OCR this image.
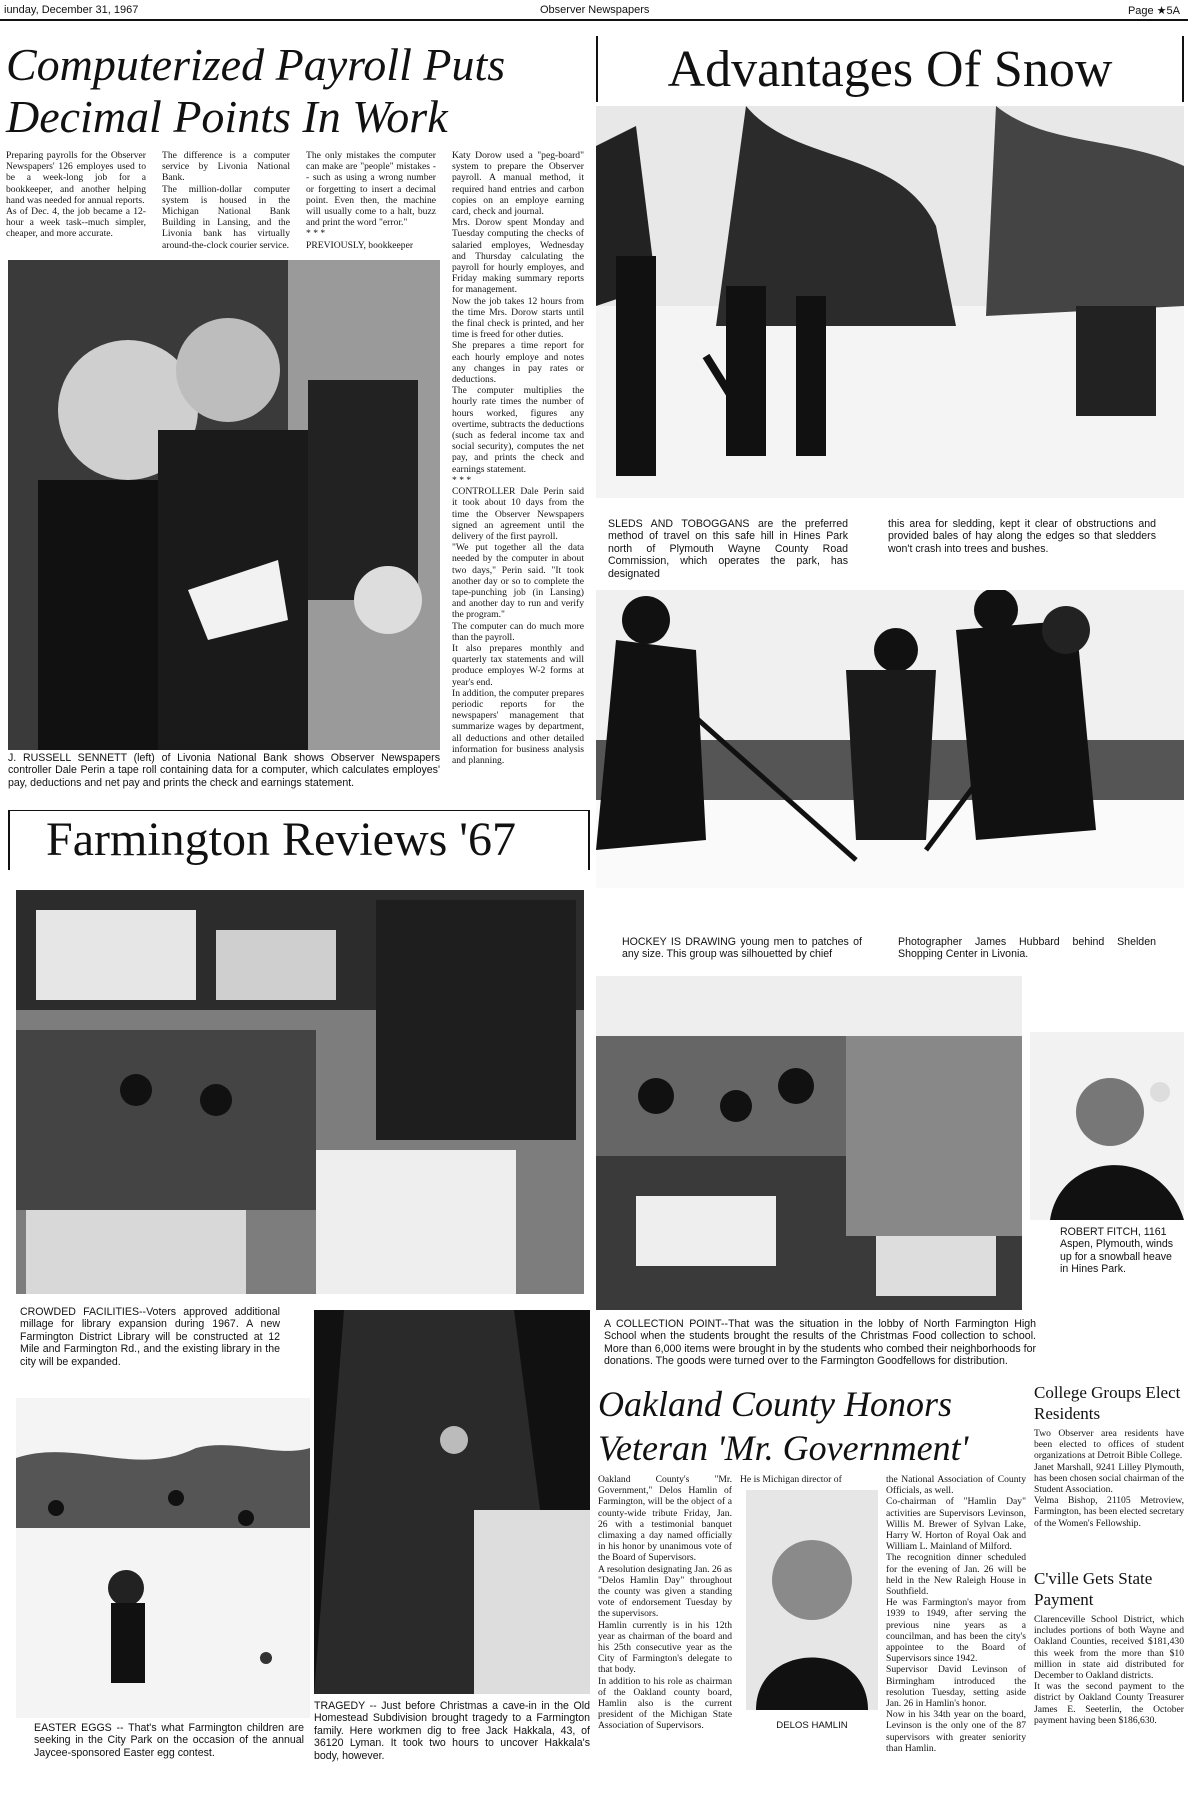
iunday, December 31, 1967	Observer Newspapers	Page ★5A
Computerized Payroll Puts
Decimal Points In Work
Preparing payrolls for the Observer Newspapers' 126 employes used to be a week-long job for a bookkeeper, and another helping hand was needed for annual reports.
As of Dec. 4, the job became a 12-hour a week task--much simpler, cheaper, and more accurate.
The difference is a computer service by Livonia National Bank.
The million-dollar computer system is housed in the Michigan National Bank Building in Lansing, and the Livonia bank has virtually around-the-clock courier service.
The only mistakes the computer can make are "people" mistakes -- such as using a wrong number or forgetting to insert a decimal point. Even then, the machine will usually come to a halt, buzz and print the word "error."
* * *
PREVIOUSLY, bookkeeper
Katy Dorow used a "peg-board" system to prepare the Observer payroll. A manual method, it required hand entries and carbon copies on an employe earning card, check and journal.
Mrs. Dorow spent Monday and Tuesday computing the checks of salaried employes, Wednesday and Thursday calculating the payroll for hourly employes, and Friday making summary reports for management.
Now the job takes 12 hours from the time Mrs. Dorow starts until the final check is printed, and her time is freed for other duties.
She prepares a time report for each hourly employe and notes any changes in pay rates or deductions.
The computer multiplies the hourly rate times the number of hours worked, figures any overtime, subtracts the deductions (such as federal income tax and social security), computes the net pay, and prints the check and earnings statement.
* * *
CONTROLLER Dale Perin said it took about 10 days from the time the Observer Newspapers signed an agreement until the delivery of the first payroll.
"We put together all the data needed by the computer in about two days," Perin said. "It took another day or so to complete the tape-punching job (in Lansing) and another day to run and verify the program."
The computer can do much more than the payroll.
It also prepares monthly and quarterly tax statements and will produce employes W-2 forms at year's end.
In addition, the computer prepares periodic reports for the newspapers' management that summarize wages by department, all deductions and other detailed information for business analysis and planning.
J. RUSSELL SENNETT (left) of Livonia National Bank shows Observer Newspapers controller Dale Perin a tape roll containing data for a computer, which calculates employes' pay, deductions and net pay and prints the check and earnings statement.
Advantages Of Snow
SLEDS AND TOBOGGANS are the preferred method of travel on this safe hill in Hines Park north of Plymouth Wayne County Road Commission, which operates the park, has designated
this area for sledding, kept it clear of obstructions and provided bales of hay along the edges so that sledders won't crash into trees and bushes.
HOCKEY IS DRAWING young men to patches of any size. This group was silhouetted by chief
Photographer James Hubbard behind Shelden Shopping Center in Livonia.
ROBERT FITCH, 1161 Aspen, Plymouth, winds up for a snowball heave in Hines Park.
A COLLECTION POINT--That was the situation in the lobby of North Farmington High School when the students brought the results of the Christmas Food collection to school. More than 6,000 items were brought in by the students who combed their neighborhoods for donations. The goods were turned over to the Farmington Goodfellows for distribution.
Farmington Reviews '67
CROWDED FACILITIES--Voters approved additional millage for library expansion during 1967. A new Farmington District Library will be constructed at 12 Mile and Farmington Rd., and the existing library in the city will be expanded.
EASTER EGGS -- That's what Farmington children are seeking in the City Park on the occasion of the annual Jaycee-sponsored Easter egg contest.
TRAGEDY -- Just before Christmas a cave-in in the Old Homestead Subdivision brought tragedy to a Farmington family. Here workmen dig to free Jack Hakkala, 43, of 36120 Lyman. It took two hours to uncover Hakkala's body, however.
Oakland County Honors
Veteran 'Mr. Government'
Oakland County's "Mr. Government," Delos Hamlin of Farmington, will be the object of a county-wide tribute Friday, Jan. 26 with a testimonial banquet climaxing a day named officially in his honor by unanimous vote of the Board of Supervisors.
A resolution designating Jan. 26 as "Delos Hamlin Day" throughout the county was given a standing vote of endorsement Tuesday by the supervisors.
Hamlin currently is in his 12th year as chairman of the board and his 25th consecutive year as the City of Farmington's delegate to that body.
In addition to his role as chairman of the Oakland county board, Hamlin also is the current president of the Michigan State Association of Supervisors.
He is Michigan director of
DELOS HAMLIN
the National Association of County Officials, as well.
Co-chairman of "Hamlin Day" activities are Supervisors Levinson, Willis M. Brewer of Sylvan Lake, Harry W. Horton of Royal Oak and William L. Mainland of Milford.
The recognition dinner scheduled for the evening of Jan. 26 will be held in the New Raleigh House in Southfield.
He was Farmington's mayor from 1939 to 1949, after serving the previous nine years as a councilman, and has been the city's appointee to the Board of Supervisors since 1942.
Supervisor David Levinson of Birmingham introduced the resolution Tuesday, setting aside Jan. 26 in Hamlin's honor.
Now in his 34th year on the board, Levinson is the only one of the 87 supervisors with greater seniority than Hamlin.
College Groups Elect Residents
Two Observer area residents have been elected to offices of student organizations at Detroit Bible College.
Janet Marshall, 9241 Lilley Plymouth, has been chosen social chairman of the Student Association.
Velma Bishop, 21105 Metroview, Farmington, has been elected secretary of the Women's Fellowship.
C'ville Gets State Payment
Clarenceville School District, which includes portions of both Wayne and Oakland Counties, received $181,430 this week from the more than $10 million in state aid distributed for December to Oakland districts.
It was the second payment to the district by Oakland County Treasurer James E. Seeterlin, the October payment having been $186,630.
